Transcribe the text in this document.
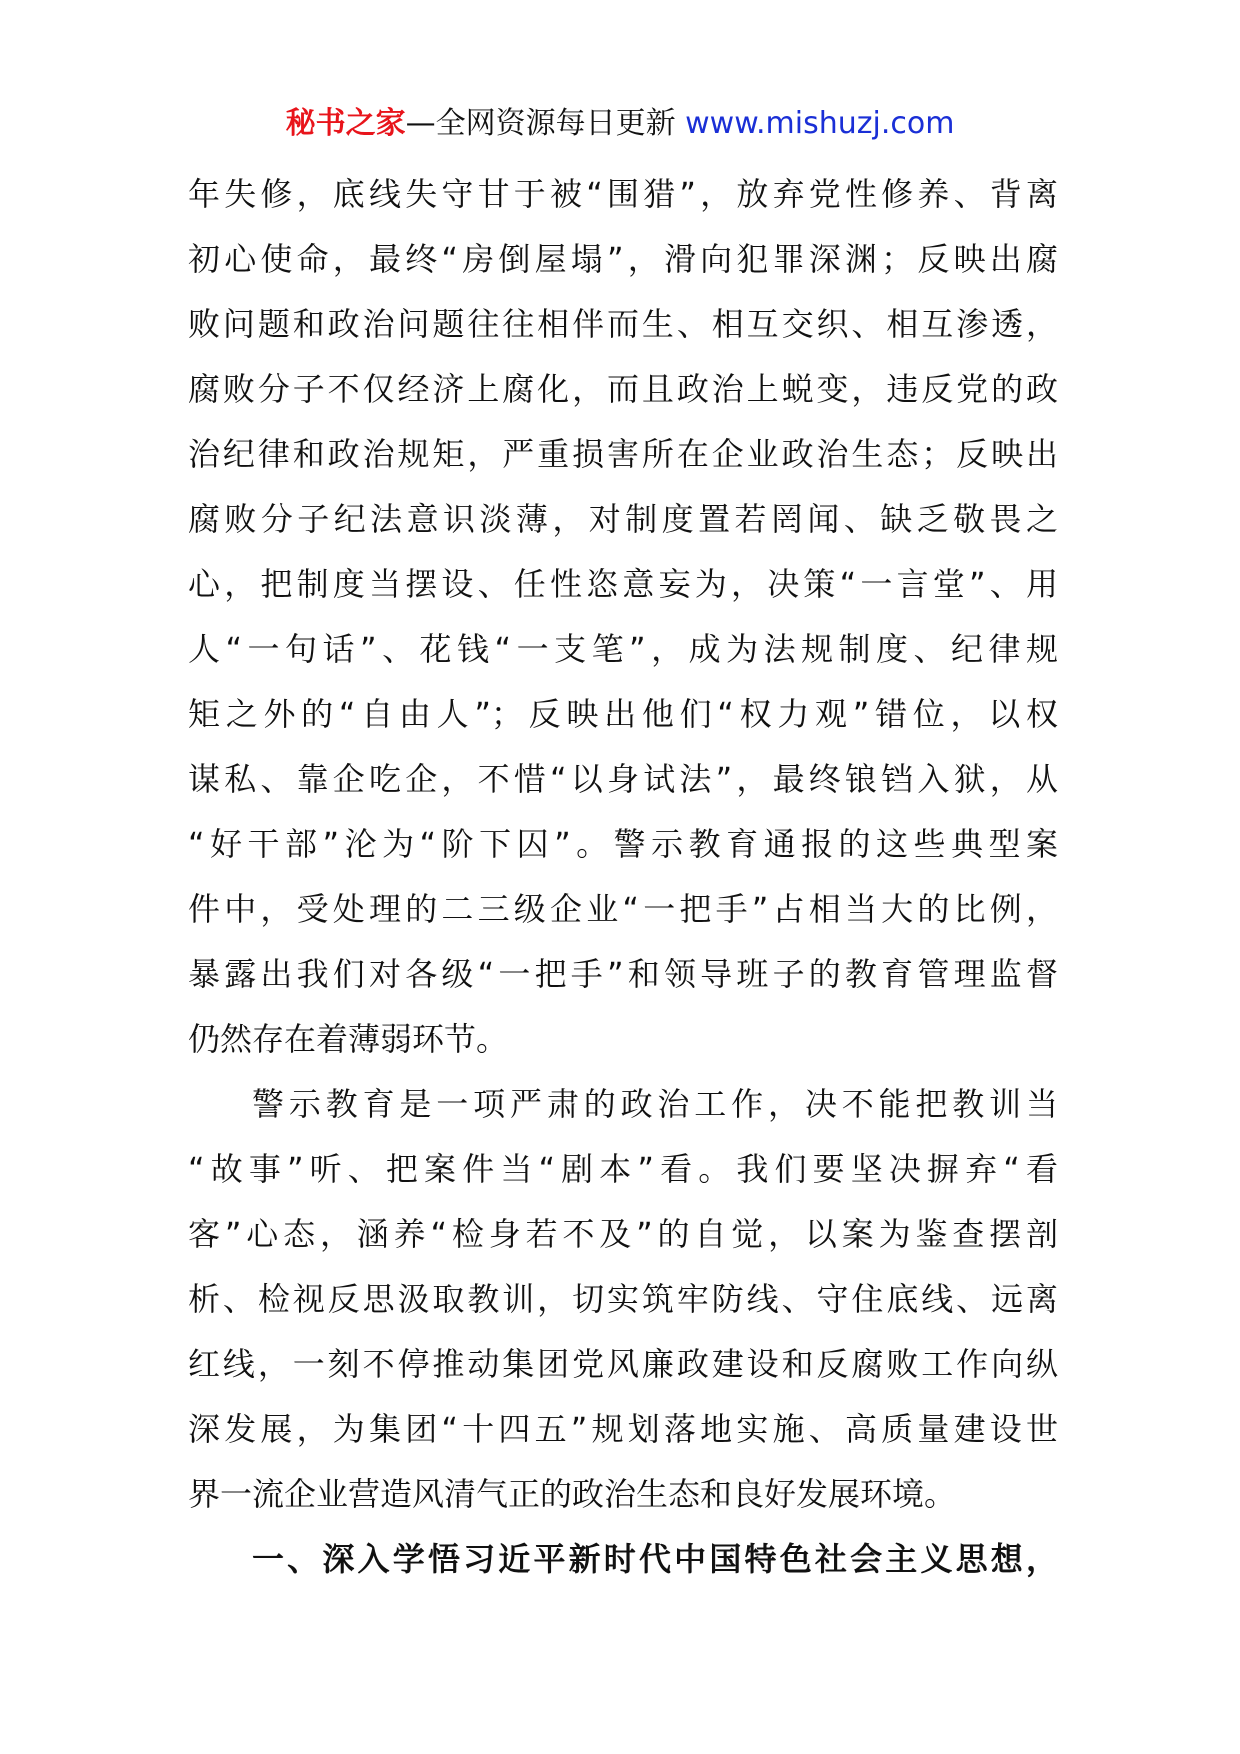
秘书之家—全网资源每日更新 www.mishuzj.com
年失修，底线失守甘于被“围猎”，放弃党性修养、背离
初心使命，最终“房倒屋塌”，滑向犯罪深渊；反映出腐
败问题和政治问题往往相伴而生、相互交织、相互渗透，
腐败分子不仅经济上腐化，而且政治上蜕变，违反党的政
治纪律和政治规矩，严重损害所在企业政治生态；反映出
腐败分子纪法意识淡薄，对制度置若罔闻、缺乏敬畏之
心，把制度当摆设、任性恣意妄为，决策“一言堂”、用
人“一句话”、花钱“一支笔”，成为法规制度、纪律规
矩之外的“自由人”；反映出他们“权力观”错位，以权
谋私、靠企吃企，不惜“以身试法”，最终锒铛入狱，从
“好干部”沦为“阶下囚”。警示教育通报的这些典型案
件中，受处理的二三级企业“一把手”占相当大的比例，
暴露出我们对各级“一把手”和领导班子的教育管理监督
仍然存在着薄弱环节。
警示教育是一项严肃的政治工作，决不能把教训当
“故事”听、把案件当“剧本”看。我们要坚决摒弃“看
客”心态，涵养“检身若不及”的自觉，以案为鉴查摆剖
析、检视反思汲取教训，切实筑牢防线、守住底线、远离
红线，一刻不停推动集团党风廉政建设和反腐败工作向纵
深发展，为集团“十四五”规划落地实施、高质量建设世
界一流企业营造风清气正的政治生态和良好发展环境。
一、深入学悟习近平新时代中国特色社会主义思想，
